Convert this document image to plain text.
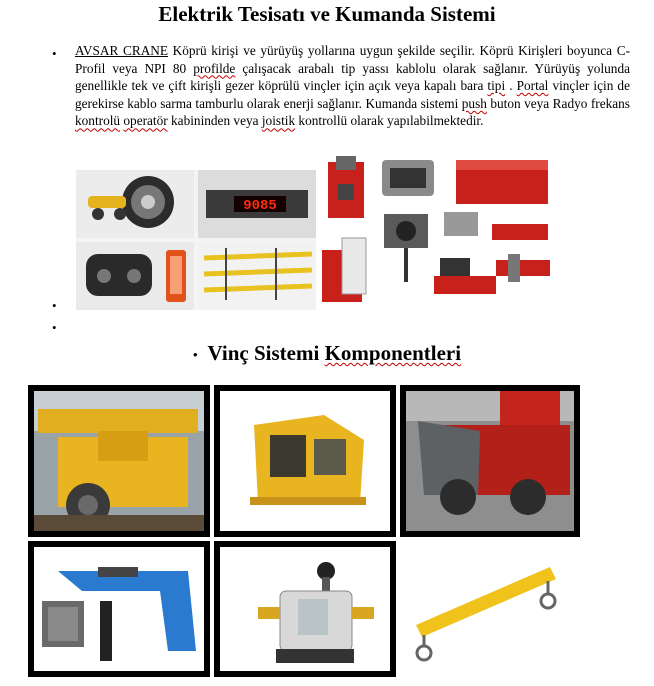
Elektrik Tesisatı ve Kumanda Sistemi
•
•
•
AVSAR CRANE Köprü kirişi ve yürüyüş yollarına uygun şekilde seçilir. Köprü Kirişleri boyunca C-Profil veya NPI 80 profilde çalışacak arabalı tip yassı kablolu olarak sağlanır. Yürüyüş yolunda genellikle tek ve çift kirişli gezer köprülü vinçler için açık veya kapalı bara tipi . Portal vinçler için de gerekirse kablo sarma tamburlu olarak enerji sağlanır. Kumanda sistemi push buton veya Radyo frekans kontrolü operatör kabininden veya joistik kontrollü olarak yapılabilmektedir.
9085
• Vinç Sistemi Komponentleri
